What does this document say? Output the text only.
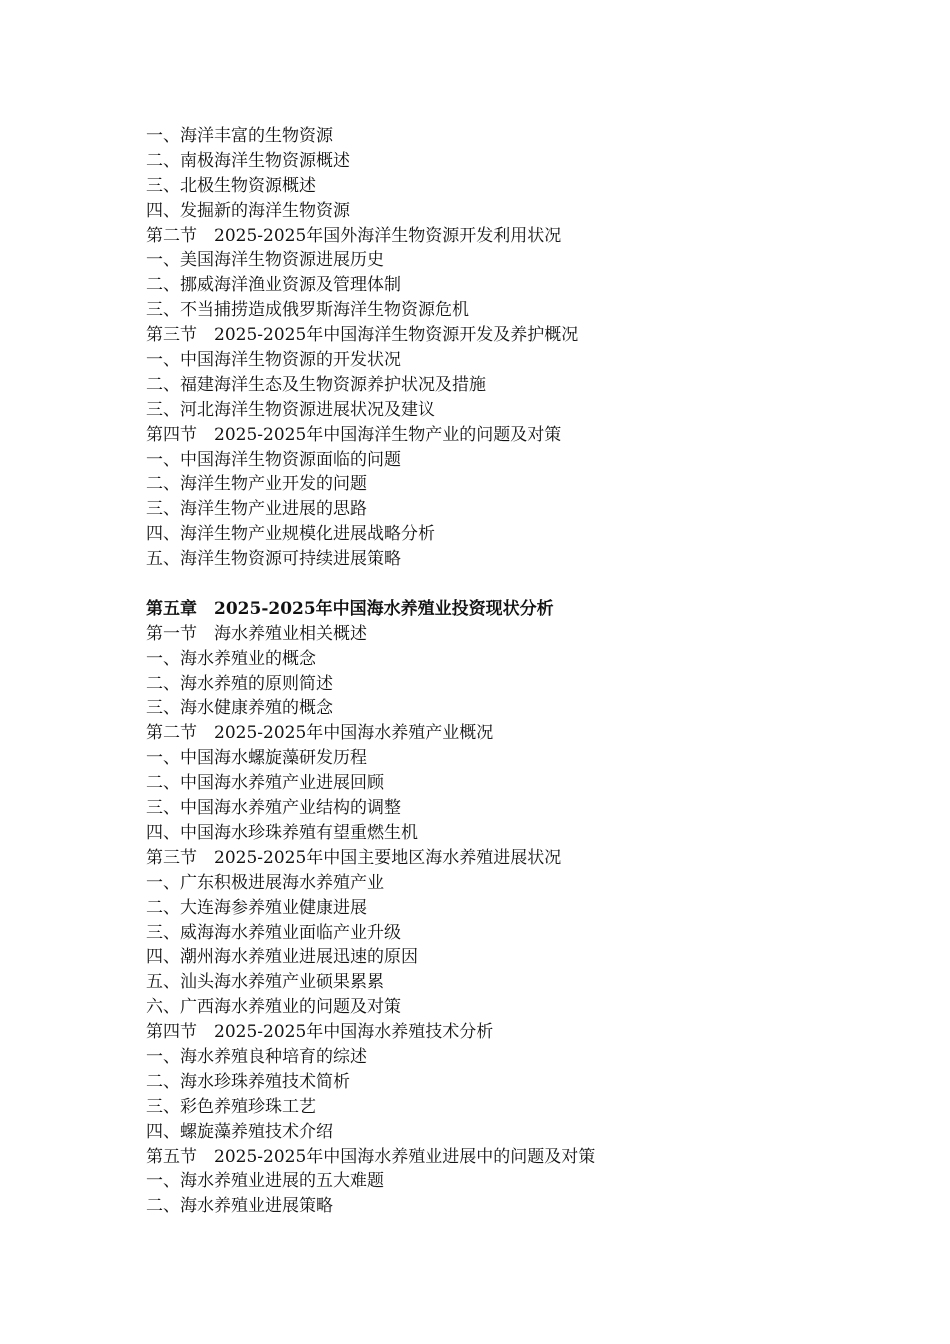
一、海洋丰富的生物资源
二、南极海洋生物资源概述
三、北极生物资源概述
四、发掘新的海洋生物资源
第二节　2025-2025年国外海洋生物资源开发利用状况
一、美国海洋生物资源进展历史
二、挪威海洋渔业资源及管理体制
三、不当捕捞造成俄罗斯海洋生物资源危机
第三节　2025-2025年中国海洋生物资源开发及养护概况
一、中国海洋生物资源的开发状况
二、福建海洋生态及生物资源养护状况及措施
三、河北海洋生物资源进展状况及建议
第四节　2025-2025年中国海洋生物产业的问题及对策
一、中国海洋生物资源面临的问题
二、海洋生物产业开发的问题
三、海洋生物产业进展的思路
四、海洋生物产业规模化进展战略分析
五、海洋生物资源可持续进展策略
第五章　2025-2025年中国海水养殖业投资现状分析
第一节　海水养殖业相关概述
一、海水养殖业的概念
二、海水养殖的原则简述
三、海水健康养殖的概念
第二节　2025-2025年中国海水养殖产业概况
一、中国海水螺旋藻研发历程
二、中国海水养殖产业进展回顾
三、中国海水养殖产业结构的调整
四、中国海水珍珠养殖有望重燃生机
第三节　2025-2025年中国主要地区海水养殖进展状况
一、广东积极进展海水养殖产业
二、大连海参养殖业健康进展
三、威海海水养殖业面临产业升级
四、潮州海水养殖业进展迅速的原因
五、汕头海水养殖产业硕果累累
六、广西海水养殖业的问题及对策
第四节　2025-2025年中国海水养殖技术分析
一、海水养殖良种培育的综述
二、海水珍珠养殖技术简析
三、彩色养殖珍珠工艺
四、螺旋藻养殖技术介绍
第五节　2025-2025年中国海水养殖业进展中的问题及对策
一、海水养殖业进展的五大难题
二、海水养殖业进展策略
